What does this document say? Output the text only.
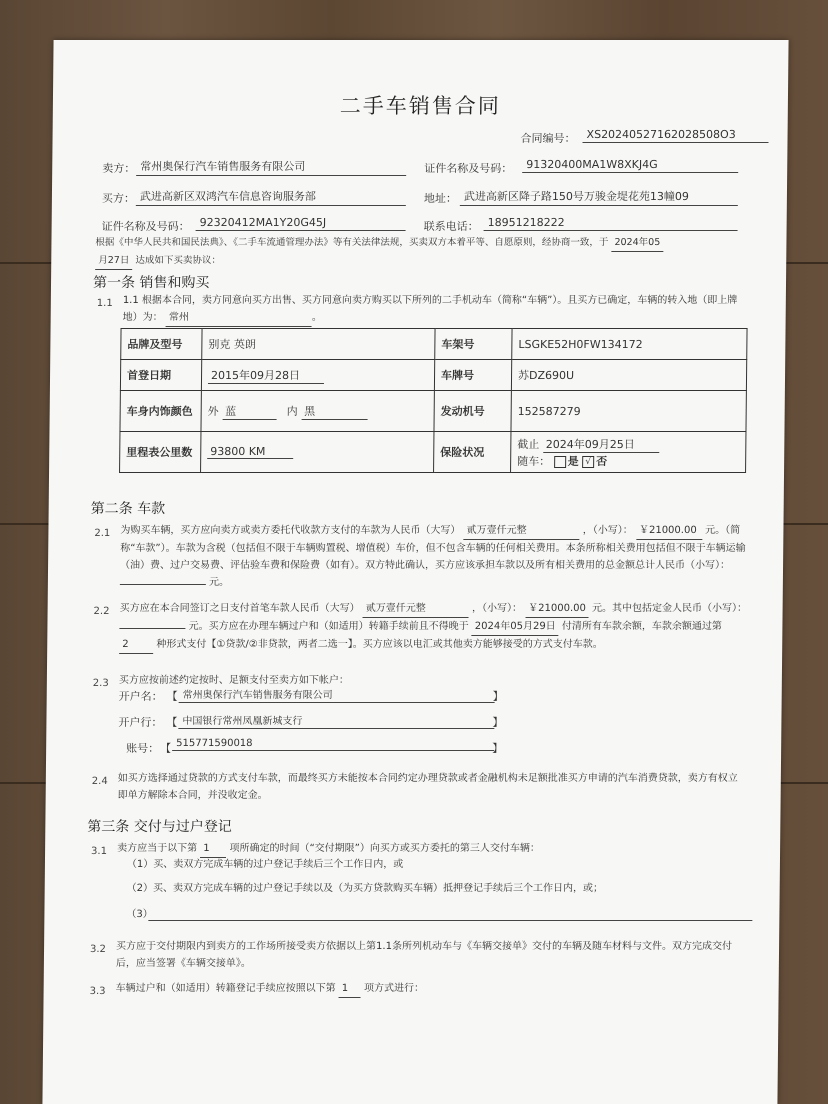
二手车销售合同
合同编号： XS20240527162028508O3
卖方： 常州奥保行汽车销售服务有限公司	证件名称及号码：	91320400MA1W8XKJ4G
买方： 武进高新区双鸿汽车信息咨询服务部	地址： 武进高新区降子路150号万骏金堤花苑13幢09
证件名称及号码： 92320412MA1Y20G45J	联系电话： 18951218222
根据《中华人民共和国民法典》、《二手车流通管理办法》等有关法律法规，买卖双方本着平等、自愿原则，经协商一致，于 2024年05
月27日 达成如下买卖协议：
第一条 销售和购买
1.1 1.1 根据本合同，卖方同意向买方出售、买方同意向卖方购买以下所列的二手机动车（简称“车辆”）。且买方已确定，车辆的转入地（即上牌地）为： 常州	。
品牌及型号	别克 英朗	车架号	LSGKE52H0FW134172
首登日期	2015年09月28日	车牌号	苏DZ690U
车身内饰颜色	外 蓝 内 黑	发动机号	152587279
里程表公里数	93800 KM	保险状况	截止 2024年09月25日
随车： 是 √ 否
第二条 车款
2.1 为购买车辆，买方应向卖方或卖方委托代收款方支付的车款为人民币（大写） 贰万壹仟元整	，（小写）： ￥21000.00 元。（简称“车款”）。车款为含税（包括但不限于车辆购置税、增值税）车价，但不包含车辆的任何相关费用。本条所称相关费用包括但不限于车辆运输（油）费、过户交易费、评估验车费和保险费（如有）。双方特此确认，买方应该承担车款以及所有相关费用的总金额总计人民币（小写）：  元。
2.2 买方应在本合同签订之日支付首笔车款人民币（大写） 贰万壹仟元整	，（小写）： ￥21000.00 元。其中包括定金人民币（小写）：  元。买方应在办理车辆过户和（如适用）转籍手续前且不得晚于 2024年05月29日 付清所有车款余额，车款余额通过第 2	种形式支付【①贷款/②非贷款，两者二选一】。买方应该以电汇或其他卖方能够接受的方式支付车款。
2.3 买方应按前述约定按时、足额支付至卖方如下帐户：
开户名： 【 常州奥保行汽车销售服务有限公司	】
开户行： 【 中国银行常州凤凰新城支行	】
账号： 【 515771590018	】
2.4 如买方选择通过贷款的方式支付车款，而最终买方未能按本合同约定办理贷款或者金融机构未足额批准买方申请的汽车消费贷款，卖方有权立即单方解除本合同，并没收定金。
第三条 交付与过户登记
3.1 卖方应当于以下第 1 项所确定的时间（“交付期限”）向买方或买方委托的第三人交付车辆：
（1）买、卖双方完成车辆的过户登记手续后三个工作日内，或
（2）买、卖双方完成车辆的过户登记手续以及（为买方贷款购买车辆）抵押登记手续后三个工作日内，或；
（3）
3.2 买方应于交付期限内到卖方的工作场所接受卖方依据以上第1.1条所列机动车与《车辆交接单》交付的车辆及随车材料与文件。双方完成交付后，应当签署《车辆交接单》。
3.3 车辆过户和（如适用）转籍登记手续应按照以下第 1 项方式进行：
